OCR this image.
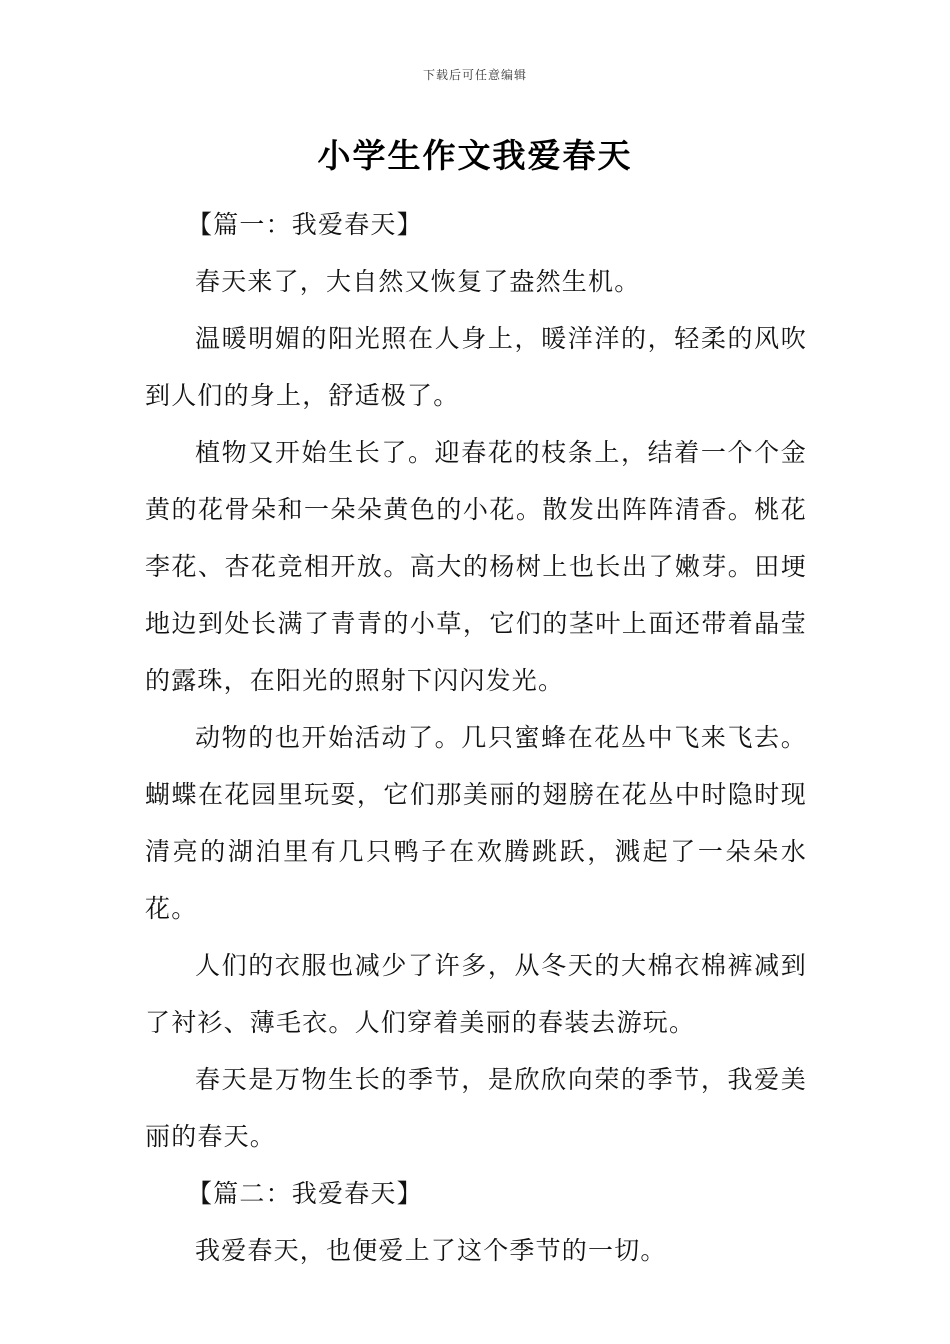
下载后可任意编辑
小学生作文我爱春天

【篇一：我爱春天】

春天来了，大自然又恢复了盎然生机。

温暖明媚的阳光照在人身上，暖洋洋的，轻柔的风吹到人们的身上，舒适极了。

植物又开始生长了。迎春花的枝条上，结着一个个金黄的花骨朵和一朵朵黄色的小花。散发出阵阵清香。桃花李花、杏花竞相开放。高大的杨树上也长出了嫩芽。田埂地边到处长满了青青的小草，它们的茎叶上面还带着晶莹的露珠，在阳光的照射下闪闪发光。

动物的也开始活动了。几只蜜蜂在花丛中飞来飞去。蝴蝶在花园里玩耍，它们那美丽的翅膀在花丛中时隐时现清亮的湖泊里有几只鸭子在欢腾跳跃，溅起了一朵朵水花。

人们的衣服也减少了许多，从冬天的大棉衣棉裤减到了衬衫、薄毛衣。人们穿着美丽的春装去游玩。

春天是万物生长的季节，是欣欣向荣的季节，我爱美丽的春天。

【篇二：我爱春天】

我爱春天，也便爱上了这个季节的一切。
